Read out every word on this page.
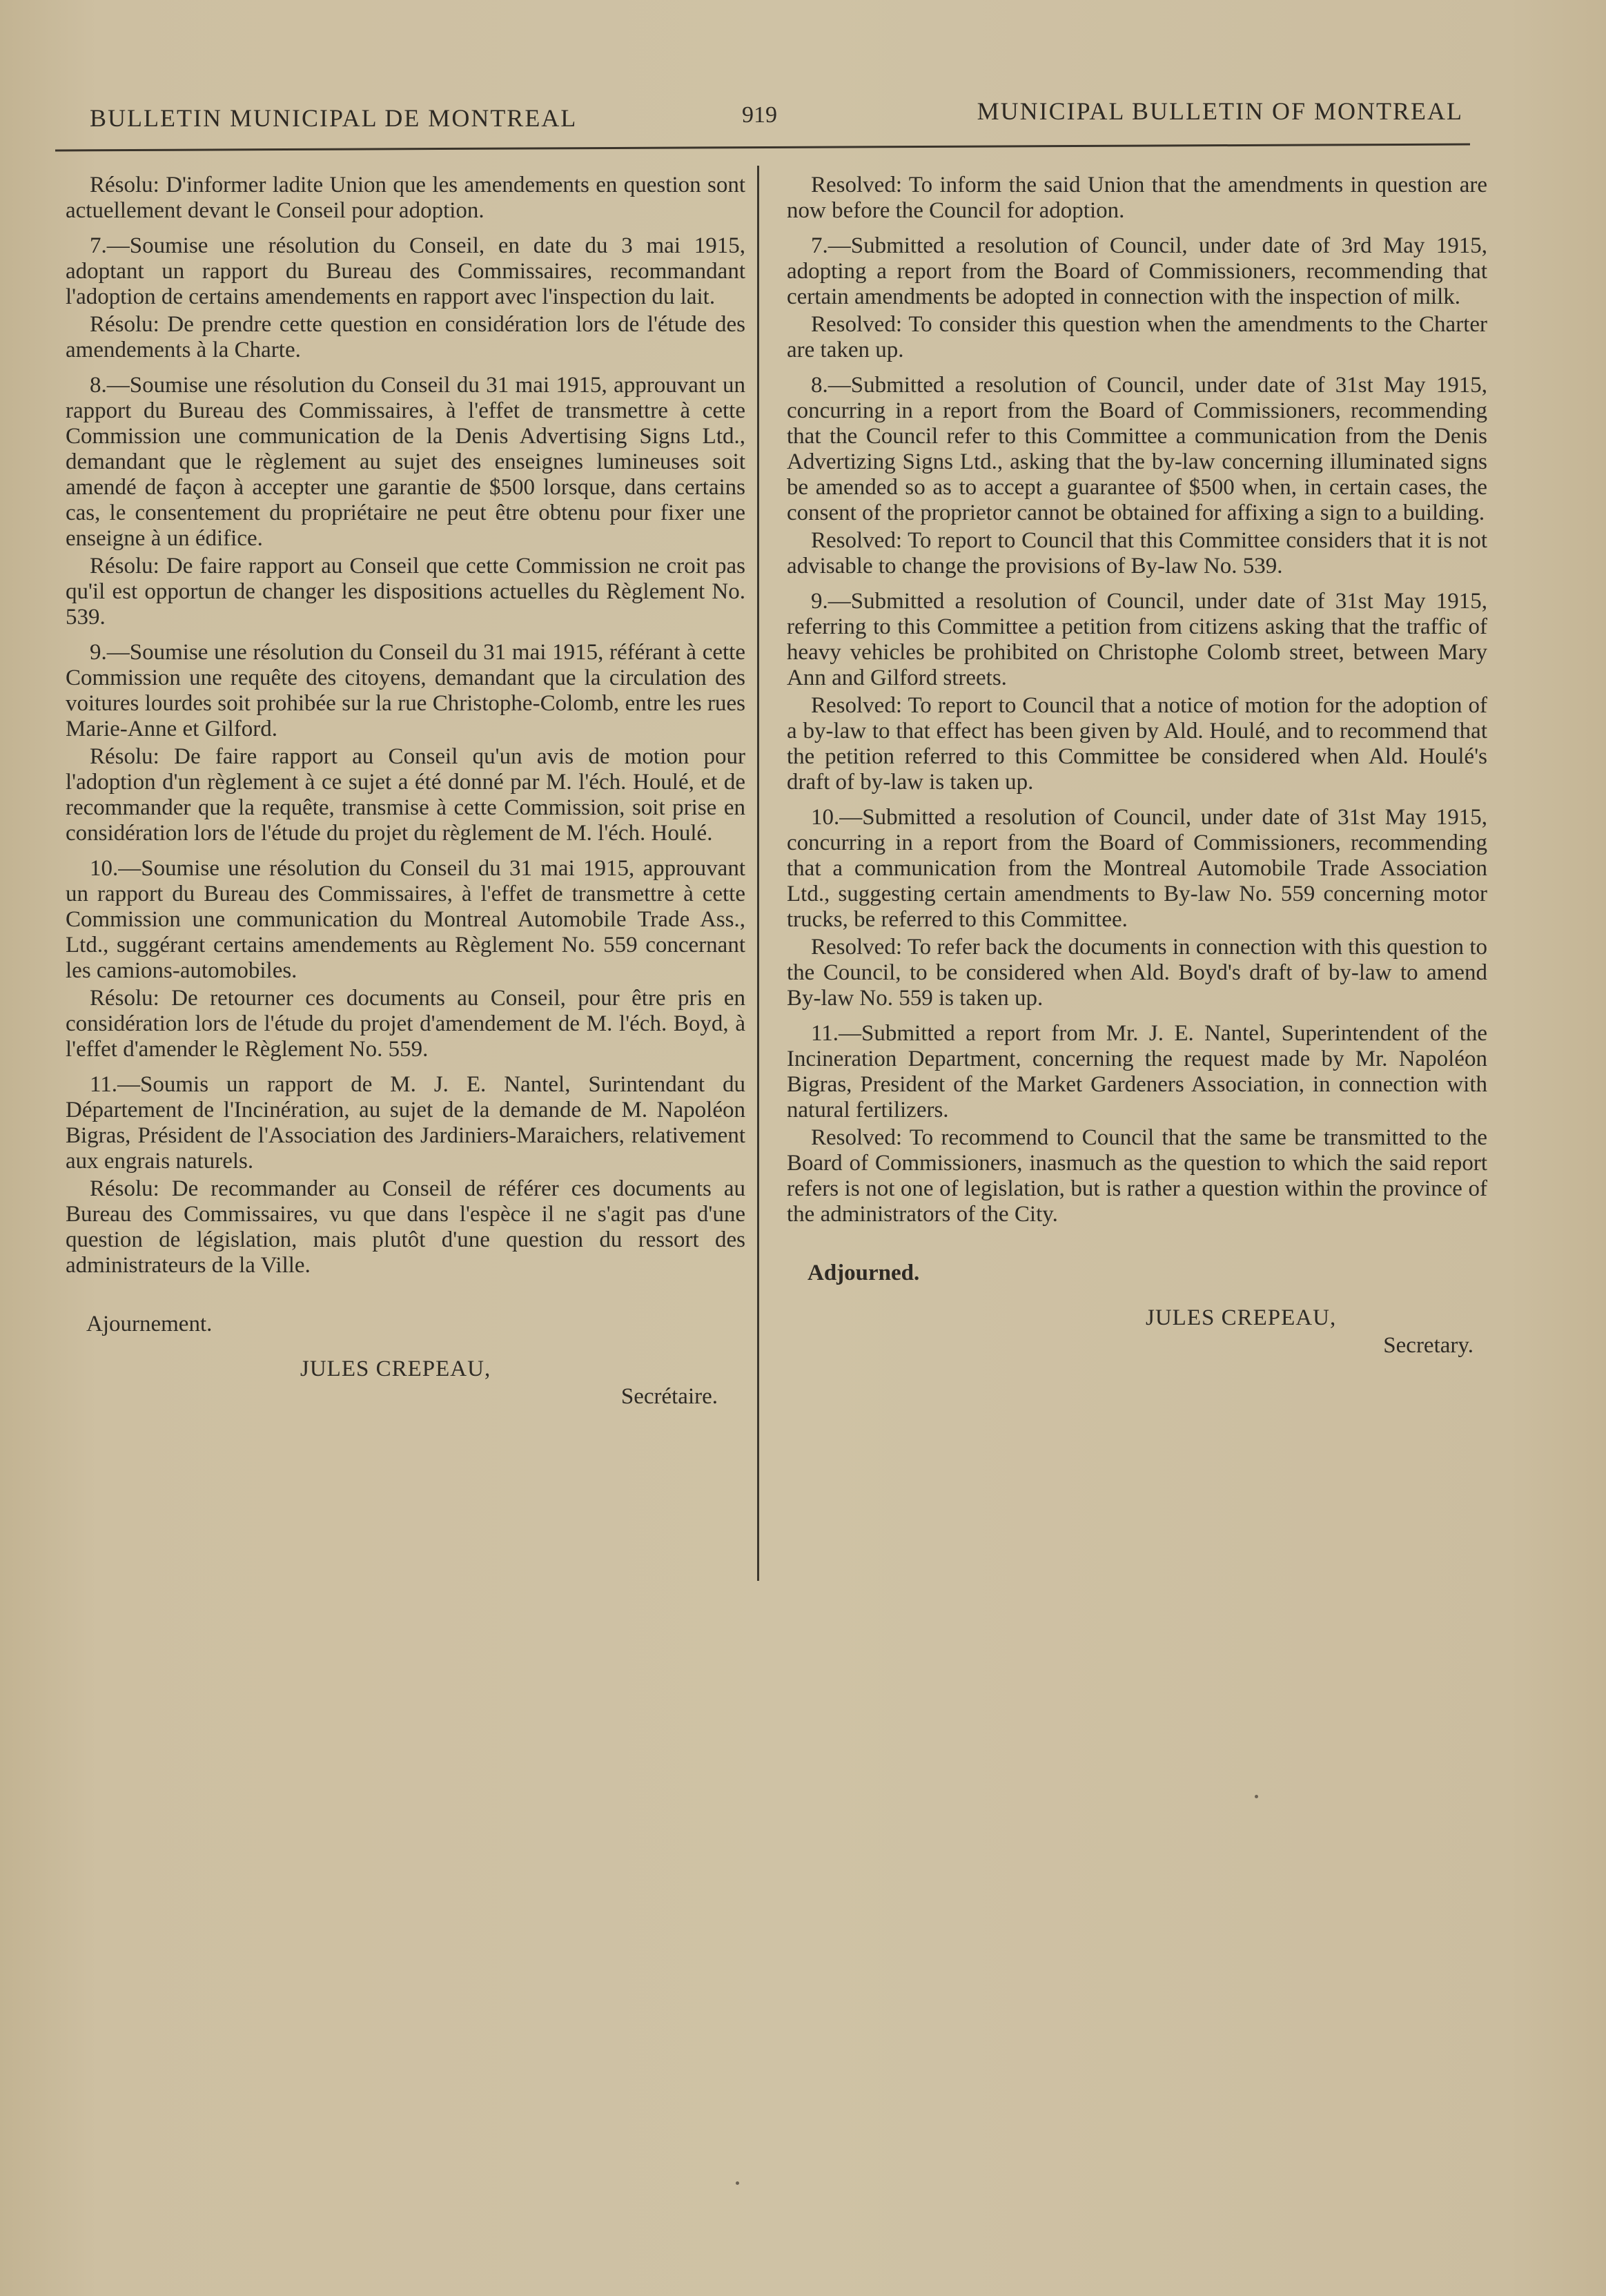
BULLETIN MUNICIPAL DE MONTREAL	919	MUNICIPAL BULLETIN OF MONTREAL

Résolu: D'informer ladite Union que les amendements en question sont actuellement devant le Conseil pour adoption.

7.—Soumise une résolution du Conseil, en date du 3 mai 1915, adoptant un rapport du Bureau des Commissaires, recommandant l'adoption de certains amendements en rapport avec l'inspection du lait.

Résolu: De prendre cette question en considération lors de l'étude des amendements à la Charte.

8.—Soumise une résolution du Conseil du 31 mai 1915, approuvant un rapport du Bureau des Commissaires, à l'effet de transmettre à cette Commission une communication de la Denis Advertising Signs Ltd., demandant que le règlement au sujet des enseignes lumineuses soit amendé de façon à accepter une garantie de $500 lorsque, dans certains cas, le consentement du propriétaire ne peut être obtenu pour fixer une enseigne à un édifice.

Résolu: De faire rapport au Conseil que cette Commission ne croit pas qu'il est opportun de changer les dispositions actuelles du Règlement No. 539.

9.—Soumise une résolution du Conseil du 31 mai 1915, référant à cette Commission une requête des citoyens, demandant que la circulation des voitures lourdes soit prohibée sur la rue Christophe-Colomb, entre les rues Marie-Anne et Gilford.

Résolu: De faire rapport au Conseil qu'un avis de motion pour l'adoption d'un règlement à ce sujet a été donné par M. l'éch. Houlé, et de recommander que la requête, transmise à cette Commission, soit prise en considération lors de l'étude du projet du règlement de M. l'éch. Houlé.

10.—Soumise une résolution du Conseil du 31 mai 1915, approuvant un rapport du Bureau des Commissaires, à l'effet de transmettre à cette Commission une communication du Montreal Automobile Trade Ass., Ltd., suggérant certains amendements au Règlement No. 559 concernant les camions-automobiles.

Résolu: De retourner ces documents au Conseil, pour être pris en considération lors de l'étude du projet d'amendement de M. l'éch. Boyd, à l'effet d'amender le Règlement No. 559.

11.—Soumis un rapport de M. J. E. Nantel, Surintendant du Département de l'Incinération, au sujet de la demande de M. Napoléon Bigras, Président de l'Association des Jardiniers-Maraichers, relativement aux engrais naturels.

Résolu: De recommander au Conseil de référer ces documents au Bureau des Commissaires, vu que dans l'espèce il ne s'agit pas d'une question de législation, mais plutôt d'une question du ressort des administrateurs de la Ville.

Ajournement.

JULES CREPEAU,

Secrétaire.

Resolved: To inform the said Union that the amendments in question are now before the Council for adoption.

7.—Submitted a resolution of Council, under date of 3rd May 1915, adopting a report from the Board of Commissioners, recommending that certain amendments be adopted in connection with the inspection of milk.

Resolved: To consider this question when the amendments to the Charter are taken up.

8.—Submitted a resolution of Council, under date of 31st May 1915, concurring in a report from the Board of Commissioners, recommending that the Council refer to this Committee a communication from the Denis Advertizing Signs Ltd., asking that the by-law concerning illuminated signs be amended so as to accept a guarantee of $500 when, in certain cases, the consent of the proprietor cannot be obtained for affixing a sign to a building.

Resolved: To report to Council that this Committee considers that it is not advisable to change the provisions of By-law No. 539.

9.—Submitted a resolution of Council, under date of 31st May 1915, referring to this Committee a petition from citizens asking that the traffic of heavy vehicles be prohibited on Christophe Colomb street, between Mary Ann and Gilford streets.

Resolved: To report to Council that a notice of motion for the adoption of a by-law to that effect has been given by Ald. Houlé, and to recommend that the petition referred to this Committee be considered when Ald. Houlé's draft of by-law is taken up.

10.—Submitted a resolution of Council, under date of 31st May 1915, concurring in a report from the Board of Commissioners, recommending that a communication from the Montreal Automobile Trade Association Ltd., suggesting certain amendments to By-law No. 559 concerning motor trucks, be referred to this Committee.

Resolved: To refer back the documents in connection with this question to the Council, to be considered when Ald. Boyd's draft of by-law to amend By-law No. 559 is taken up.

11.—Submitted a report from Mr. J. E. Nantel, Superintendent of the Incineration Department, concerning the request made by Mr. Napoléon Bigras, President of the Market Gardeners Association, in connection with natural fertilizers.

Resolved: To recommend to Council that the same be transmitted to the Board of Commissioners, inasmuch as the question to which the said report refers is not one of legislation, but is rather a question within the province of the administrators of the City.

Adjourned.

JULES CREPEAU,

Secretary.
